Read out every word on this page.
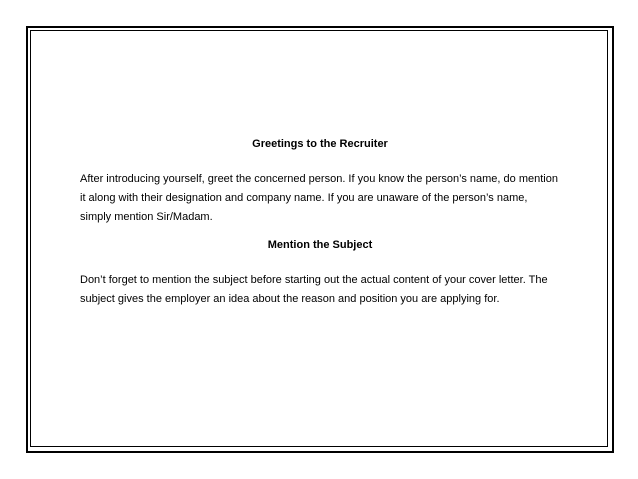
Greetings to the Recruiter

After introducing yourself, greet the concerned person. If you know the person’s name, do mention it along with their designation and company name. If you are unaware of the person’s name, simply mention Sir/Madam.

Mention the Subject

Don’t forget to mention the subject before starting out the actual content of your cover letter. The subject gives the employer an idea about the reason and position you are applying for.
